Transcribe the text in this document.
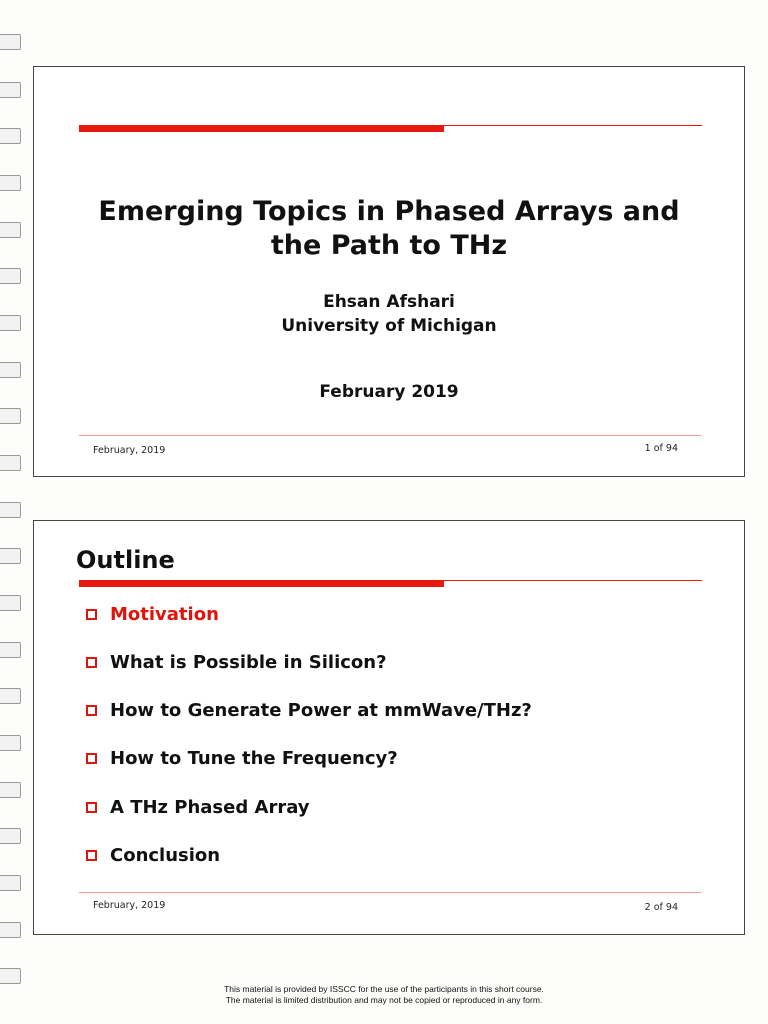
Emerging Topics in Phased Arrays and
the Path to THz
Ehsan Afshari
University of Michigan
February 2019
February, 2019	1 of 94
Outline
Motivation
What is Possible in Silicon?
How to Generate Power at mmWave/THz?
How to Tune the Frequency?
A THz Phased Array
Conclusion
February, 2019	2 of 94
This material is provided by ISSCC for the use of the participants in this short course.
The material is limited distribution and may not be copied or reproduced in any form.
